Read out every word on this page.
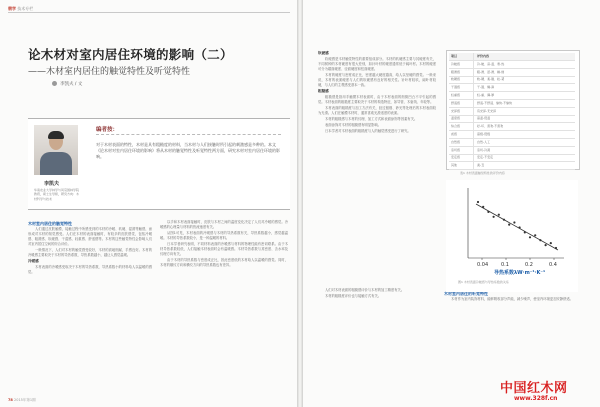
翡学 技术专栏
论木材对室内居住环境的影响（二）
——木材室内居住的触觉特性及听觉特性
李凯夫 / 文
李凯夫
华南农业大学林学与风景园林学院教授，硕士生导师，研究方向：木材科学与技术
编者按：
对于木材表面的特性，木材是具有粗糙度的材料，当木材与人们接触时所引起的刺激感是多种的。本文《论木材对室内居住环境的影响》将从木材的触觉特性及听觉特性两方面，研究木材对室内居住环境的影响。
木材室内居住的触觉特性

人们通过皮肤触摸，接触过程中所感受到的木材的冷暖、软硬、湿滑等触感，而形成对木材的知觉感受。人们在木材的表面接触时，有较多的皮肤感觉，包括冷暖感、粗滑感、软硬感、干湿感、轻重感、舒适感等。木材的这些触觉特性会影响人们对室内居住空间的综合评价。

一般情况下，人们对木材的触觉感受较好，木材的质地细腻，手感良好。木材的冷暖感主要取决于木材的导热系数，导热系数越小，越让人感觉温暖。

冷暖感

木材表面的冷暖感受取决于木材的导热系数，导热系数小的材料给人以温暖的感觉。

以手和木材表面接触时，皮肤与木材之间的温度变化决定了人们对冷暖的感觉。冷暖感的心理量与材料的热流速度有关。

从图1可见，木材表面的冷暖感与木材的导热系数有关，导热系数越小，感觉越温暖。木材的导热系数较小，是一种温暖的材料。

日本学者研究表明，不同材料表面的冷暖感与材料的物理性能有密切联系。由于木材导热系数较低，人们接触木材表面时会有温暖感。木材导热系数与其密度、含水率及纹理方向有关。

由于木材的导热系数与密度成正比，因此密度低的木材给人以温暖的感觉。同时，木材的顺纹方向和横纹方向的导热系数也有差异。

软硬感

软硬感是木材触觉特性的重要组成部分。木材的软硬感主要与其硬度有关，不同树种的木材硬度有很大差别，如针叶材的硬度通常低于阔叶材。木材的硬度可分为端面硬度、径面硬度和弦面硬度。

木材的硬度与密度成正比，密度越大硬度越高，给人以坚硬的感觉。一般来说，木材的表面硬度与人们的软硬感有良好的相关性。针叶材较软，阔叶材较硬，与人们的主观感受基本一致。

粗糙感

粗糙感是指用手触摸木材表面时，由于木材表面的细微凹凸不平引起的感觉。木材表面的粗糙度主要取决于木材的构造特征，如导管、木射线、年轮等。

木材表面的粗糙度与加工方法有关，经过刨削、砂光等处理后的木材表面较为光滑。人们在触摸木材时，通常喜欢光滑适度的表面。

木材的粗糙感与木材的纹理、加工方式和表面涂饰等因素有关。

表面涂饰对木材的粗糙感有明显影响。

日本学者对木材表面的粗糙度与人的触觉感受进行了研究。

人们对木材表面的粗糙感评价与木材的加工精度有关。

木材的粗糙度评价也与接触方式有关。	木材室内居住的听觉特性

木材作为室内装饰材料，能够吸收部分声能，减少噪声，使室内环境更加安静舒适。

项目	评价内容
冷暖感	冷-暖、凉-温、寒-热
粗滑感	粗-滑、涩-滑、糙-细
软硬感	软-硬、柔-刚、松-紧
干湿感	干-湿、燥-润
轻重感	轻-重、薄-厚
舒适感	舒适-不舒适、愉快-不愉快
光泽感	有光泽-无光泽
温度感	高温-低温
综合感	好-坏、喜欢-不喜欢
质感	高级-低级
自然感	自然-人工
亲切感	亲切-冷漠
安定感	安定-不安定
其他	美-丑
表1 木材表面触觉特性的评价内容
0.04	0.1	0.2	0.4
导热系数λW·m⁻¹·K⁻¹
图1 木材表面冷暖感与导热系数的关系
78 2015年第1期
中国红木网
www.328f.cn
